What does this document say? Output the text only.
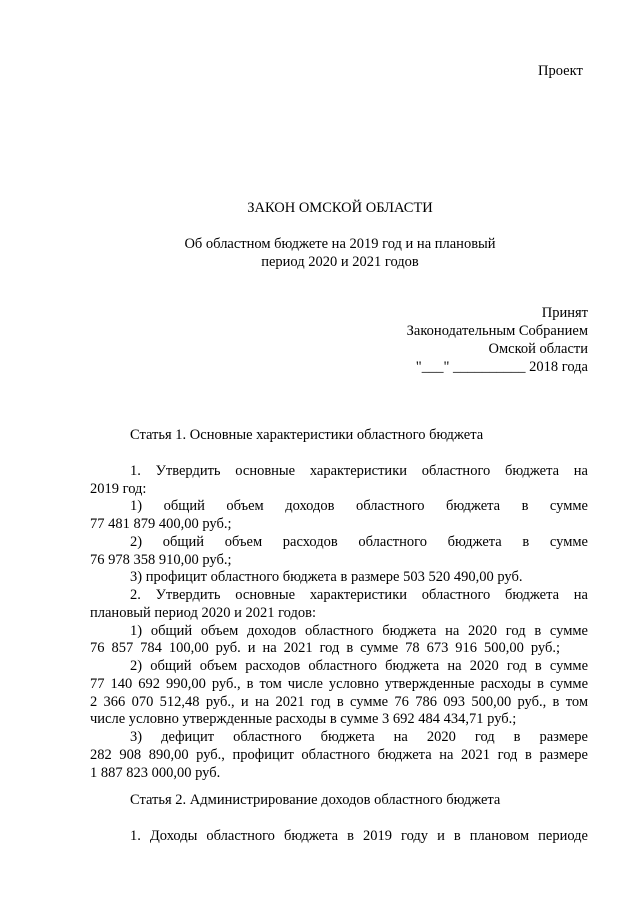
Проект
ЗАКОН ОМСКОЙ ОБЛАСТИ
Об областном бюджете на 2019 год и на плановый
период 2020 и 2021 годов
Принят
Законодательным Собранием
Омской области
"___" __________ 2018 года
Статья 1. Основные характеристики областного бюджета
1. Утвердить основные характеристики областного бюджета на
2019 год:
1) общий объем доходов областного бюджета в сумме
77 481 879 400,00 руб.;
2) общий объем расходов областного бюджета в сумме
76 978 358 910,00 руб.;
3) профицит областного бюджета в размере 503 520 490,00 руб.
2. Утвердить основные характеристики областного бюджета на
плановый период 2020 и 2021 годов:
1) общий объем доходов областного бюджета на 2020 год в сумме
76 857 784 100,00 руб. и на 2021 год в сумме 78 673 916 500,00 руб.;
2) общий объем расходов областного бюджета на 2020 год в сумме
77 140 692 990,00 руб., в том числе условно утвержденные расходы в сумме
2 366 070 512,48 руб., и на 2021 год в сумме 76 786 093 500,00 руб., в том
числе условно утвержденные расходы в сумме 3 692 484 434,71 руб.;
3) дефицит областного бюджета на 2020 год в размере
282 908 890,00 руб., профицит областного бюджета на 2021 год в размере
1 887 823 000,00 руб.
Статья 2. Администрирование доходов областного бюджета
1. Доходы областного бюджета в 2019 году и в плановом периоде
